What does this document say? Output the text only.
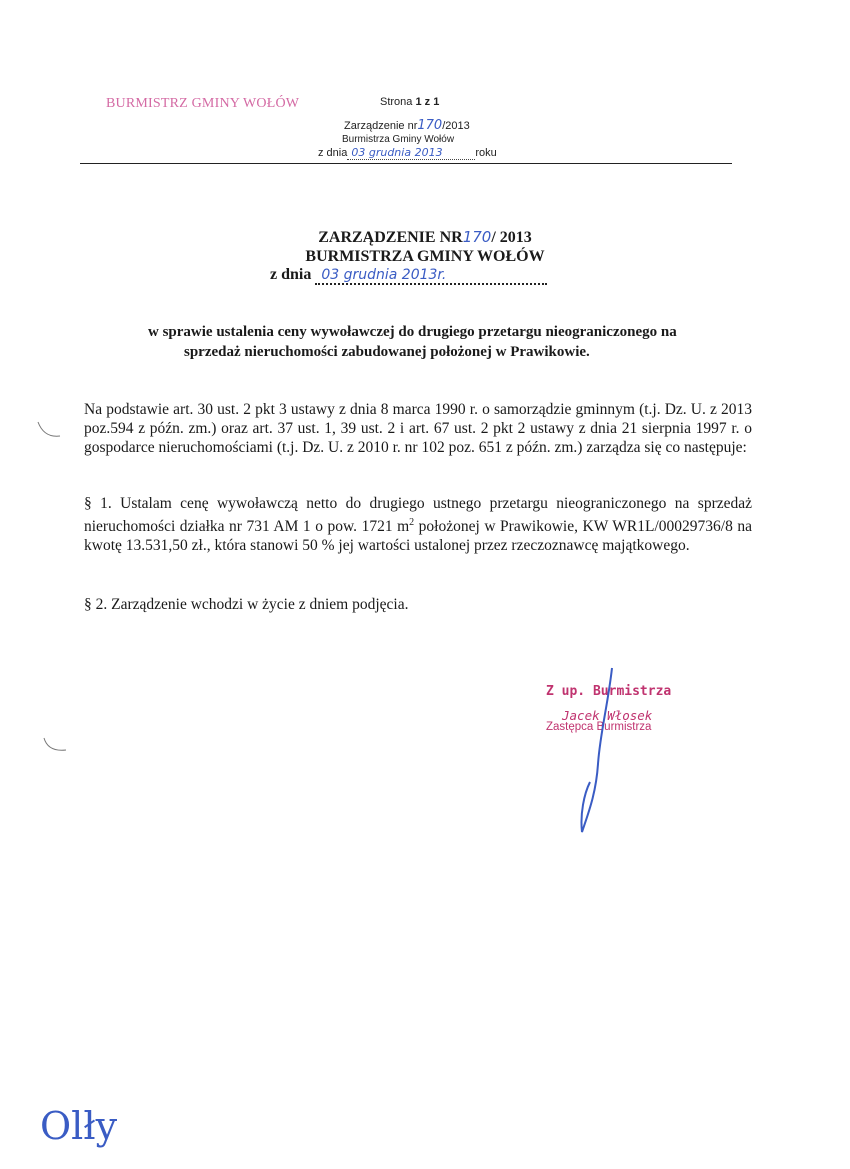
BURMISTRZ GMINY WOŁÓW	Strona 1 z 1
Zarządzenie nr170/2013
Burmistrza Gminy Wołów
z dnia 03 grudnia 2013	roku
ZARZĄDZENIE NR170/ 2013
BURMISTRZA GMINY WOŁÓW
z dnia 03 grudnia 2013r.
w sprawie ustalenia ceny wywoławczej do drugiego przetargu nieograniczonego na
sprzedaż nieruchomości zabudowanej położonej w Prawikowie.
Na podstawie art. 30 ust. 2 pkt 3 ustawy z dnia 8 marca 1990 r. o samorządzie gminnym (t.j. Dz. U. z 2013 poz.594 z późn. zm.) oraz art. 37 ust. 1, 39 ust. 2 i art. 67 ust. 2 pkt 2 ustawy z dnia 21 sierpnia 1997 r. o gospodarce nieruchomościami (t.j. Dz. U. z 2010 r. nr 102 poz. 651 z późn. zm.) zarządza się co następuje:
§ 1. Ustalam cenę wywoławczą netto do drugiego ustnego przetargu nieograniczonego na sprzedaż nieruchomości działka nr 731 AM 1 o pow. 1721 $m^2$ położonej w Prawikowie, KW WR1L/00029736/8 na kwotę 13.531,50 zł., która stanowi 50 % jej wartości ustalonej przez rzeczoznawcę majątkowego.
§ 2. Zarządzenie wchodzi w życie z dniem podjęcia.
Z up. Burmistrza
Jacek Włosek
Zastępca Burmistrza
Olły
